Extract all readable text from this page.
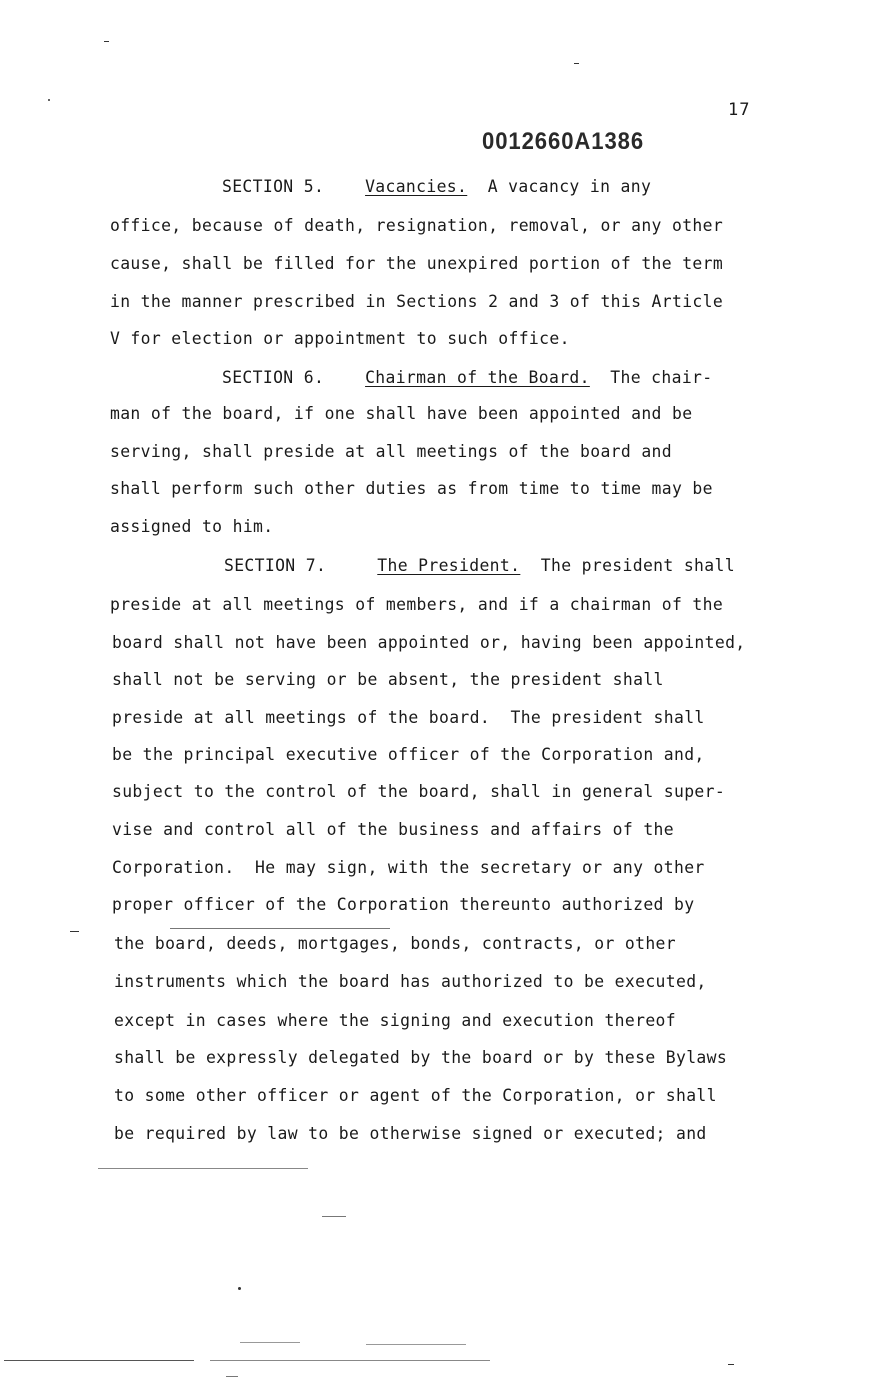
17
0012660A1386
SECTION 5. Vacancies. A vacancy in any
office, because of death, resignation, removal, or any other
cause, shall be filled for the unexpired portion of the term
in the manner prescribed in Sections 2 and 3 of this Article
V for election or appointment to such office.
SECTION 6. Chairman of the Board. The chair-
man of the board, if one shall have been appointed and be
serving, shall preside at all meetings of the board and
shall perform such other duties as from time to time may be
assigned to him.
SECTION 7.	The President. The president shall
preside at all meetings of members, and if a chairman of the
board shall not have been appointed or, having been appointed,
shall not be serving or be absent, the president shall
preside at all meetings of the board.  The president shall
be the principal executive officer of the Corporation and,
subject to the control of the board, shall in general super-
vise and control all of the business and affairs of the
Corporation.  He may sign, with the secretary or any other
proper officer of the Corporation thereunto authorized by
the board, deeds, mortgages, bonds, contracts, or other
instruments which the board has authorized to be executed,
except in cases where the signing and execution thereof
shall be expressly delegated by the board or by these Bylaws
to some other officer or agent of the Corporation, or shall
be required by law to be otherwise signed or executed; and
